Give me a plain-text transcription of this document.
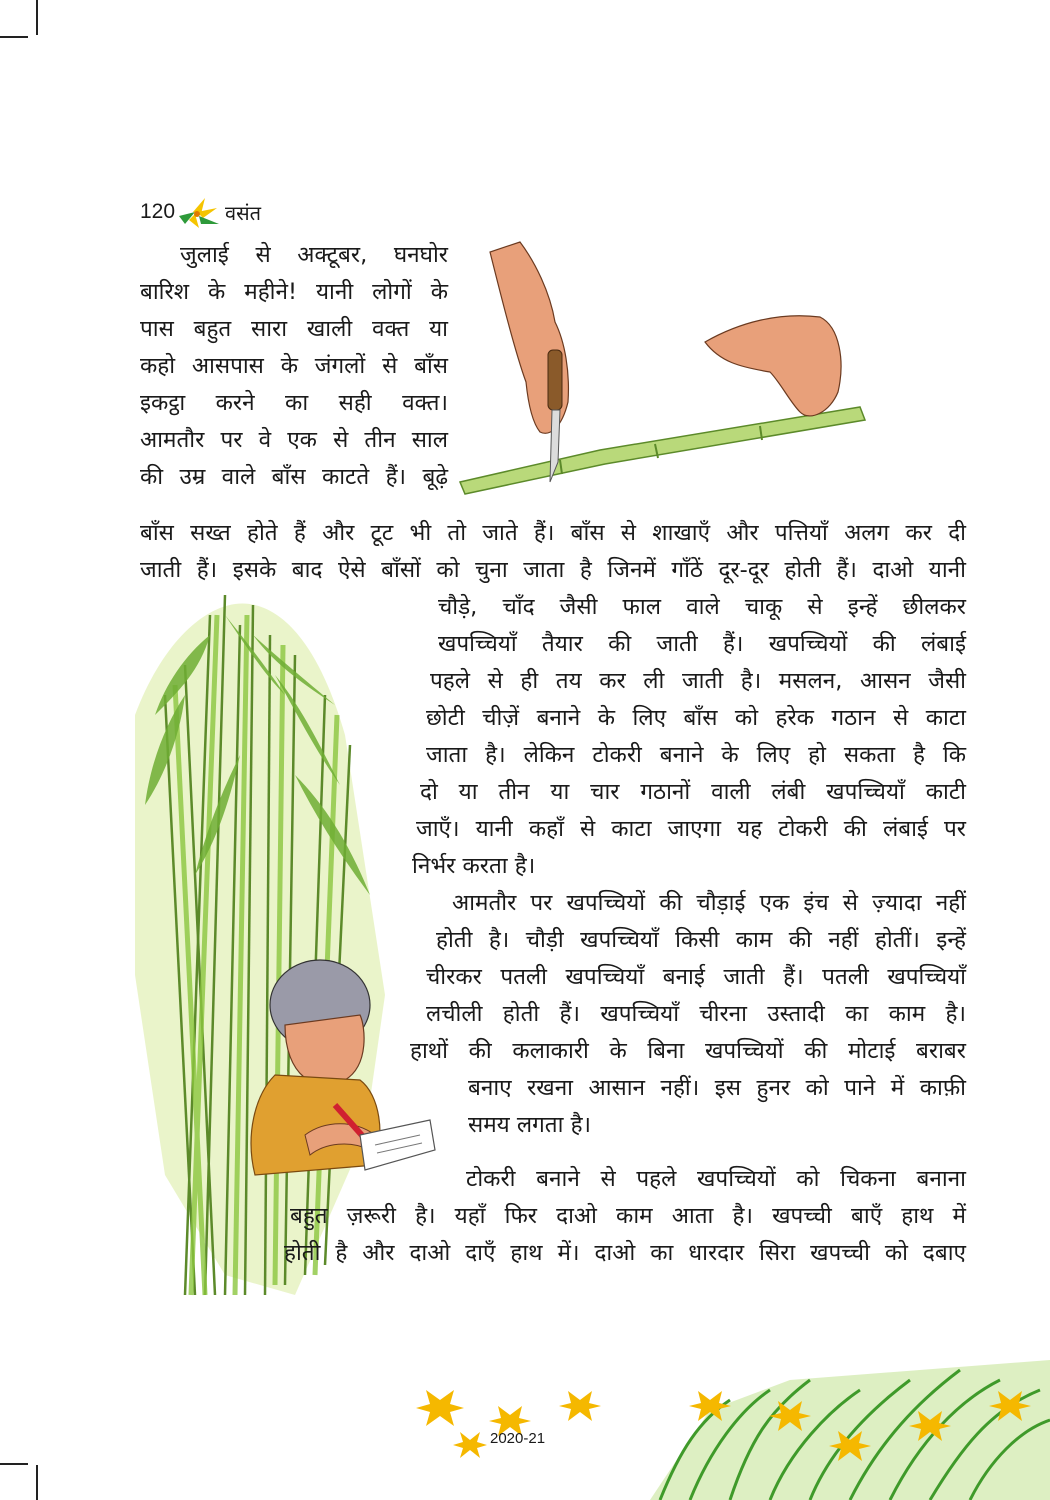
120	वसंत
जुलाई से अक्टूबर, घनघोर
बारिश के महीने! यानी लोगों के
पास बहुत सारा खाली वक्त या
कहो आसपास के जंगलों से बाँस
इकट्ठा करने का सही वक्त।
आमतौर पर वे एक से तीन साल
की उम्र वाले बाँस काटते हैं। बूढ़े
बाँस सख्त होते हैं और टूट भी तो जाते हैं। बाँस से शाखाएँ और पत्तियाँ अलग कर दी
जाती हैं। इसके बाद ऐसे बाँसों को चुना जाता है जिनमें गाँठें दूर-दूर होती हैं। दाओ यानी
चौड़े, चाँद जैसी फाल वाले चाकू से इन्हें छीलकर
खपच्चियाँ तैयार की जाती हैं। खपच्चियों की लंबाई
पहले से ही तय कर ली जाती है। मसलन, आसन जैसी
छोटी चीज़ें बनाने के लिए बाँस को हरेक गठान से काटा
जाता है। लेकिन टोकरी बनाने के लिए हो सकता है कि
दो या तीन या चार गठानों वाली लंबी खपच्चियाँ काटी
जाएँ। यानी कहाँ से काटा जाएगा यह टोकरी की लंबाई पर
निर्भर करता है।
आमतौर पर खपच्चियों की चौड़ाई एक इंच से ज़्यादा नहीं
होती है। चौड़ी खपच्चियाँ किसी काम की नहीं होतीं। इन्हें
चीरकर पतली खपच्चियाँ बनाई जाती हैं। पतली खपच्चियाँ
लचीली होती हैं। खपच्चियाँ चीरना उस्तादी का काम है।
हाथों की कलाकारी के बिना खपच्चियों की मोटाई बराबर
बनाए रखना आसान नहीं। इस हुनर को पाने में काफ़ी
समय लगता है।
टोकरी बनाने से पहले खपच्चियों को चिकना बनाना
बहुत ज़रूरी है। यहाँ फिर दाओ काम आता है। खपच्ची बाएँ हाथ में
होती है और दाओ दाएँ हाथ में। दाओ का धारदार सिरा खपच्ची को दबाए
2020-21
